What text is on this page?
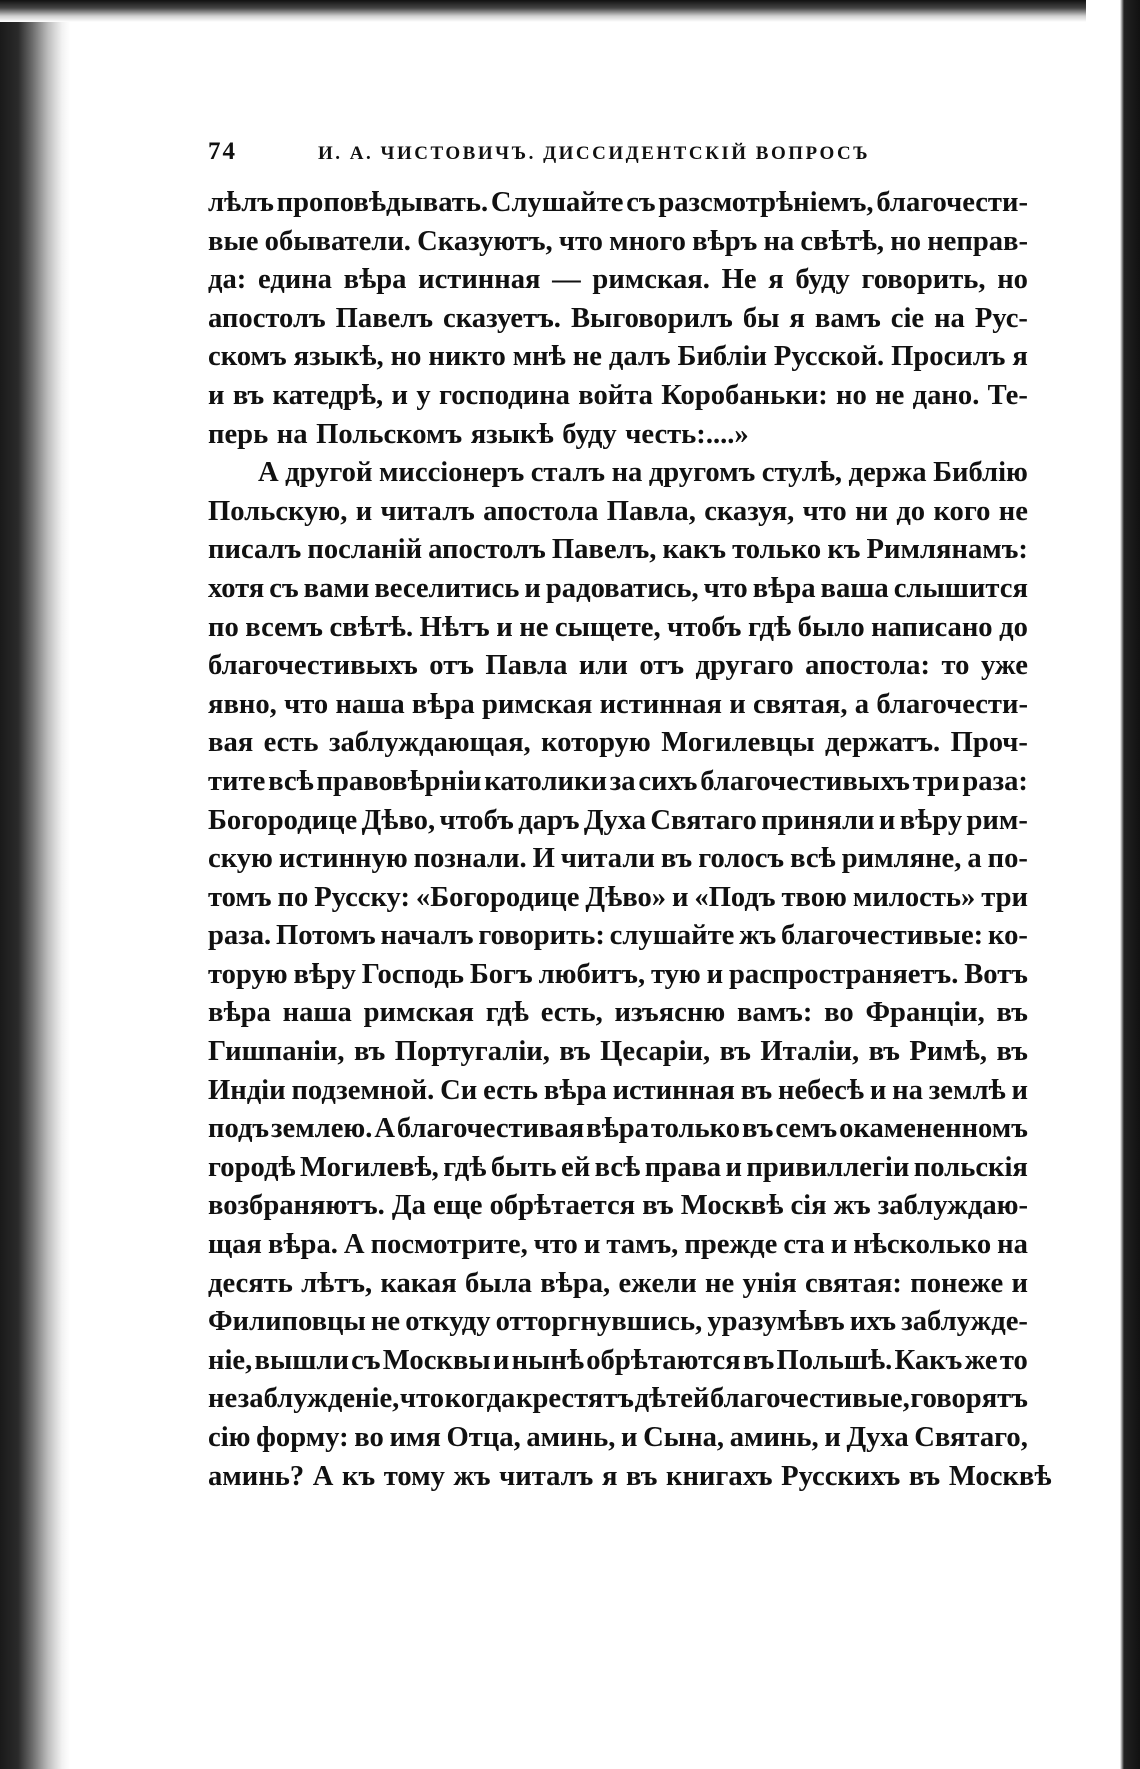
74	И. А. ЧИСТОВИЧЪ. ДИССИДЕНТСКІЙ ВОПРОСЪ
лѣлъ проповѣдывать. Слушайте съ разсмотрѣніемъ, благочести-
вые обыватели. Сказуютъ, что много вѣръ на свѣтѣ, но неправ-
да: едина вѣра истинная — римская. Не я буду говорить, но
апостолъ Павелъ сказуетъ. Выговорилъ бы я вамъ сіе на Рус-
скомъ языкѣ, но никто мнѣ не далъ Библіи Русской. Просилъ я
и въ катедрѣ, и у господина войта Коробаньки: но не дано. Те-
перь на Польскомъ языкѣ буду честь:....»
А другой миссіонеръ сталъ на другомъ стулѣ, держа Библію
Польскую, и читалъ апостола Павла, сказуя, что ни до кого не
писалъ посланій апостолъ Павелъ, какъ только къ Римлянамъ:
хотя съ вами веселитись и радоватись, что вѣра ваша слышится
по всемъ свѣтѣ. Нѣтъ и не сыщете, чтобъ гдѣ было написано до
благочестивыхъ отъ Павла или отъ другаго апостола: то уже
явно, что наша вѣра римская истинная и святая, а благочести-
вая есть заблуждающая, которую Могилевцы держатъ. Проч-
тите всѣ правовѣрніи католики за сихъ благочестивыхъ три раза:
Богородице Дѣво, чтобъ даръ Духа Святаго приняли и вѣру рим-
скую истинную познали. И читали въ голосъ всѣ римляне, а по-
томъ по Русску: «Богородице Дѣво» и «Подъ твою милость» три
раза. Потомъ началъ говорить: слушайте жъ благочестивые: ко-
торую вѣру Господь Богъ любитъ, тую и распространяетъ. Вотъ
вѣра наша римская гдѣ есть, изъясню вамъ: во Франціи, въ
Гишпаніи, въ Португаліи, въ Цесаріи, въ Италіи, въ Римѣ, въ
Индіи подземной. Си есть вѣра истинная въ небесѣ и на землѣ и
подъ землею. А благочестивая вѣра только въ семъ окамененномъ
городѣ Могилевѣ, гдѣ быть ей всѣ права и привиллегіи польскія
возбраняютъ. Да еще обрѣтается въ Москвѣ сія жъ заблуждаю-
щая вѣра. А посмотрите, что и тамъ, прежде ста и нѣсколько на
десять лѣтъ, какая была вѣра, ежели не унія святая: понеже и
Филиповцы не откуду отторгнувшись, уразумѣвъ ихъ заблужде-
ніе, вышли съ Москвы и нынѣ обрѣтаются въ Польшѣ. Какъ же то
не заблужденіе, что когда крестятъ дѣтей благочестивые, говорятъ
сію форму: во имя Отца, аминь, и Сына, аминь, и Духа Святаго,
аминь? А къ тому жъ читалъ я въ книгахъ Русскихъ въ Москвѣ
